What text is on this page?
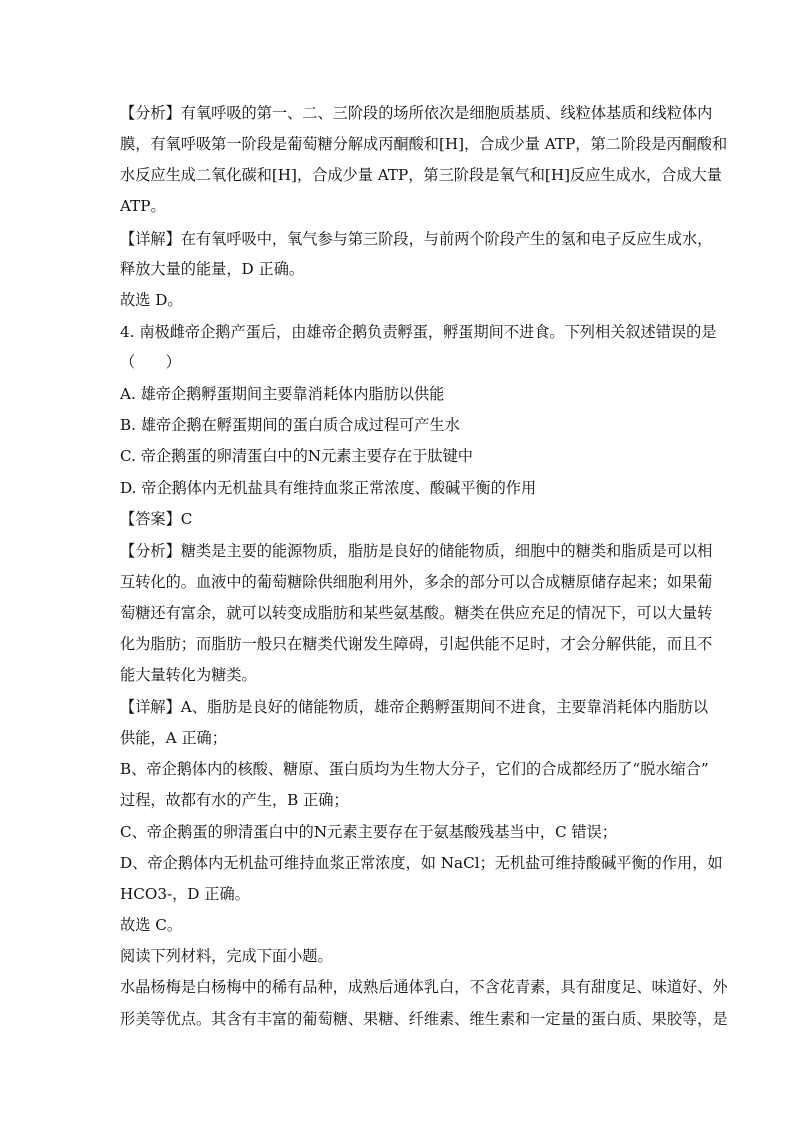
【分析】有氧呼吸的第一、二、三阶段的场所依次是细胞质基质、线粒体基质和线粒体内
膜，有氧呼吸第一阶段是葡萄糖分解成丙酮酸和[H]，合成少量 ATP，第二阶段是丙酮酸和
水反应生成二氧化碳和[H]，合成少量 ATP，第三阶段是氧气和[H]反应生成水，合成大量
ATP。
【详解】在有氧呼吸中，氧气参与第三阶段，与前两个阶段产生的氢和电子反应生成水，
释放大量的能量，D 正确。
故选 D。
4. 南极雌帝企鹅产蛋后，由雄帝企鹅负责孵蛋，孵蛋期间不进食。下列相关叙述错误的是
（　　）
A. 雄帝企鹅孵蛋期间主要靠消耗体内脂肪以供能
B. 雄帝企鹅在孵蛋期间的蛋白质合成过程可产生水
C. 帝企鹅蛋的卵清蛋白中的N元素主要存在于肽键中
D. 帝企鹅体内无机盐具有维持血浆正常浓度、酸碱平衡的作用
【答案】C
【分析】糖类是主要的能源物质，脂肪是良好的储能物质，细胞中的糖类和脂质是可以相
互转化的。血液中的葡萄糖除供细胞利用外，多余的部分可以合成糖原储存起来；如果葡
萄糖还有富余，就可以转变成脂肪和某些氨基酸。糖类在供应充足的情况下，可以大量转
化为脂肪；而脂肪一般只在糖类代谢发生障碍，引起供能不足时，才会分解供能，而且不
能大量转化为糖类。
【详解】A、脂肪是良好的储能物质，雄帝企鹅孵蛋期间不进食，主要靠消耗体内脂肪以
供能，A 正确；
B、帝企鹅体内的核酸、糖原、蛋白质均为生物大分子，它们的合成都经历了“脱水缩合”
过程，故都有水的产生，B 正确；
C、帝企鹅蛋的卵清蛋白中的N元素主要存在于氨基酸残基当中，C 错误；
D、帝企鹅体内无机盐可维持血浆正常浓度，如 NaCl；无机盐可维持酸碱平衡的作用，如
HCO3-，D 正确。
故选 C。
阅读下列材料，完成下面小题。
水晶杨梅是白杨梅中的稀有品种，成熟后通体乳白，不含花青素，具有甜度足、味道好、外
形美等优点。其含有丰富的葡萄糖、果糖、纤维素、维生素和一定量的蛋白质、果胶等，是
